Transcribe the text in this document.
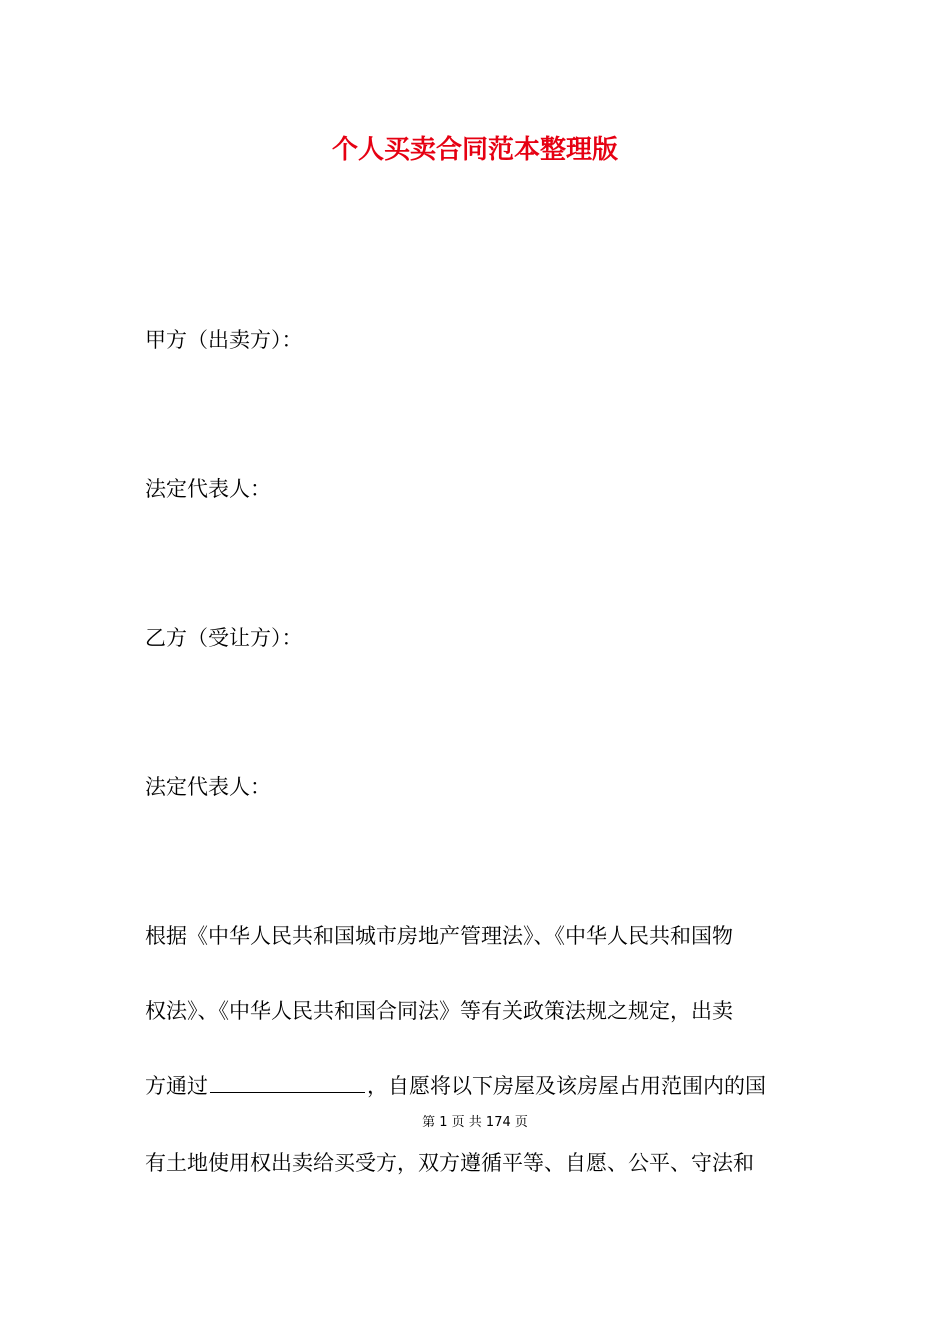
个人买卖合同范本整理版
甲方（出卖方）：
法定代表人：
乙方（受让方）：
法定代表人：
根据《中华人民共和国城市房地产管理法》、《中华人民共和国物
权法》、《中华人民共和国合同法》等有关政策法规之规定，出卖
方通过	，自愿将以下房屋及该房屋占用范围内的国
第 1 页 共 174 页
有土地使用权出卖给买受方，双方遵循平等、自愿、公平、守法和
